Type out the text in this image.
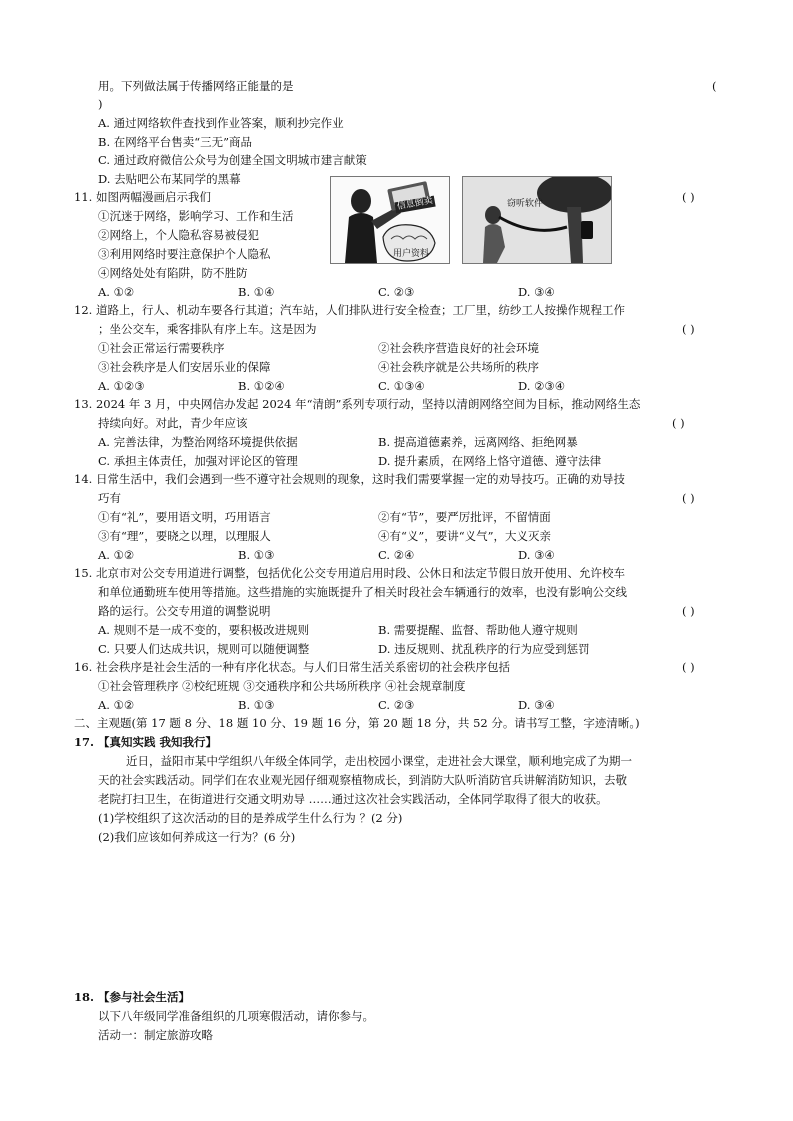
用。下列做法属于传播网络正能量的是	(
)
A. 通过网络软件查找到作业答案，顺利抄完作业
B. 在网络平台售卖“三无”商品
C. 通过政府微信公众号为创建全国文明城市建言献策
D. 去贴吧公布某同学的黑幕
11. 如图两幅漫画启示我们	( )
①沉迷于网络，影响学习、工作和生活
②网络上，个人隐私容易被侵犯
③利用网络时要注意保护个人隐私
④网络处处有陷阱，防不胜防
A. ①②	B. ①④	C. ②③	D. ③④
信息倒卖
用户资料
窃听软件
12. 道路上，行人、机动车要各行其道；汽车站，人们排队进行安全检查；工厂里，纺纱工人按操作规程工作
；坐公交车，乘客排队有序上车。这是因为	( )
①社会正常运行需要秩序	②社会秩序营造良好的社会环境
③社会秩序是人们安居乐业的保障	④社会秩序就是公共场所的秩序
A. ①②③	B. ①②④	C. ①③④	D. ②③④
13. 2024 年 3 月，中央网信办发起 2024 年“清朗”系列专项行动，坚持以清朗网络空间为目标，推动网络生态
持续向好。对此，青少年应该	( )
A. 完善法律，为整治网络环境提供依据	B. 提高道德素养，远离网络、拒绝网暴
C. 承担主体责任，加强对评论区的管理	D. 提升素质，在网络上恪守道德、遵守法律
14. 日常生活中，我们会遇到一些不遵守社会规则的现象，这时我们需要掌握一定的劝导技巧。正确的劝导技
巧有	( )
①有“礼”，要用语文明，巧用语言	②有“节”，要严厉批评，不留情面
③有“理”，要晓之以理，以理服人	④有“义”，要讲“义气”，大义灭亲
A. ①②	B. ①③	C. ②④	D. ③④
15. 北京市对公交专用道进行调整，包括优化公交专用道启用时段、公休日和法定节假日放开使用、允许校车
和单位通勤班车使用等措施。这些措施的实施既提升了相关时段社会车辆通行的效率，也没有影响公交线
路的运行。公交专用道的调整说明	( )
A. 规则不是一成不变的，要积极改进规则	B. 需要提醒、监督、帮助他人遵守规则
C. 只要人们达成共识，规则可以随便调整	D. 违反规则、扰乱秩序的行为应受到惩罚
16. 社会秩序是社会生活的一种有序化状态。与人们日常生活关系密切的社会秩序包括	( )
①社会管理秩序 ②校纪班规 ③交通秩序和公共场所秩序 ④社会规章制度
A. ①②	B. ①③	C. ②③	D. ③④
二、主观题(第 17 题 8 分、18 题 10 分、19 题 16 分，第 20 题 18 分，共 52 分。请书写工整，字迹清晰。)
17. 【真知实践 我知我行】
近日，益阳市某中学组织八年级全体同学，走出校园小课堂，走进社会大课堂，顺利地完成了为期一
天的社会实践活动。同学们在农业观光园仔细观察植物成长，到消防大队听消防官兵讲解消防知识，去敬
老院打扫卫生，在街道进行交通文明劝导 ……通过这次社会实践活动，全体同学取得了很大的收获。
(1)学校组织了这次活动的目的是养成学生什么行为 ？(2 分)
(2)我们应该如何养成这一行为？(6 分)
18. 【参与社会生活】
以下八年级同学准备组织的几项寒假活动，请你参与。
活动一：制定旅游攻略
